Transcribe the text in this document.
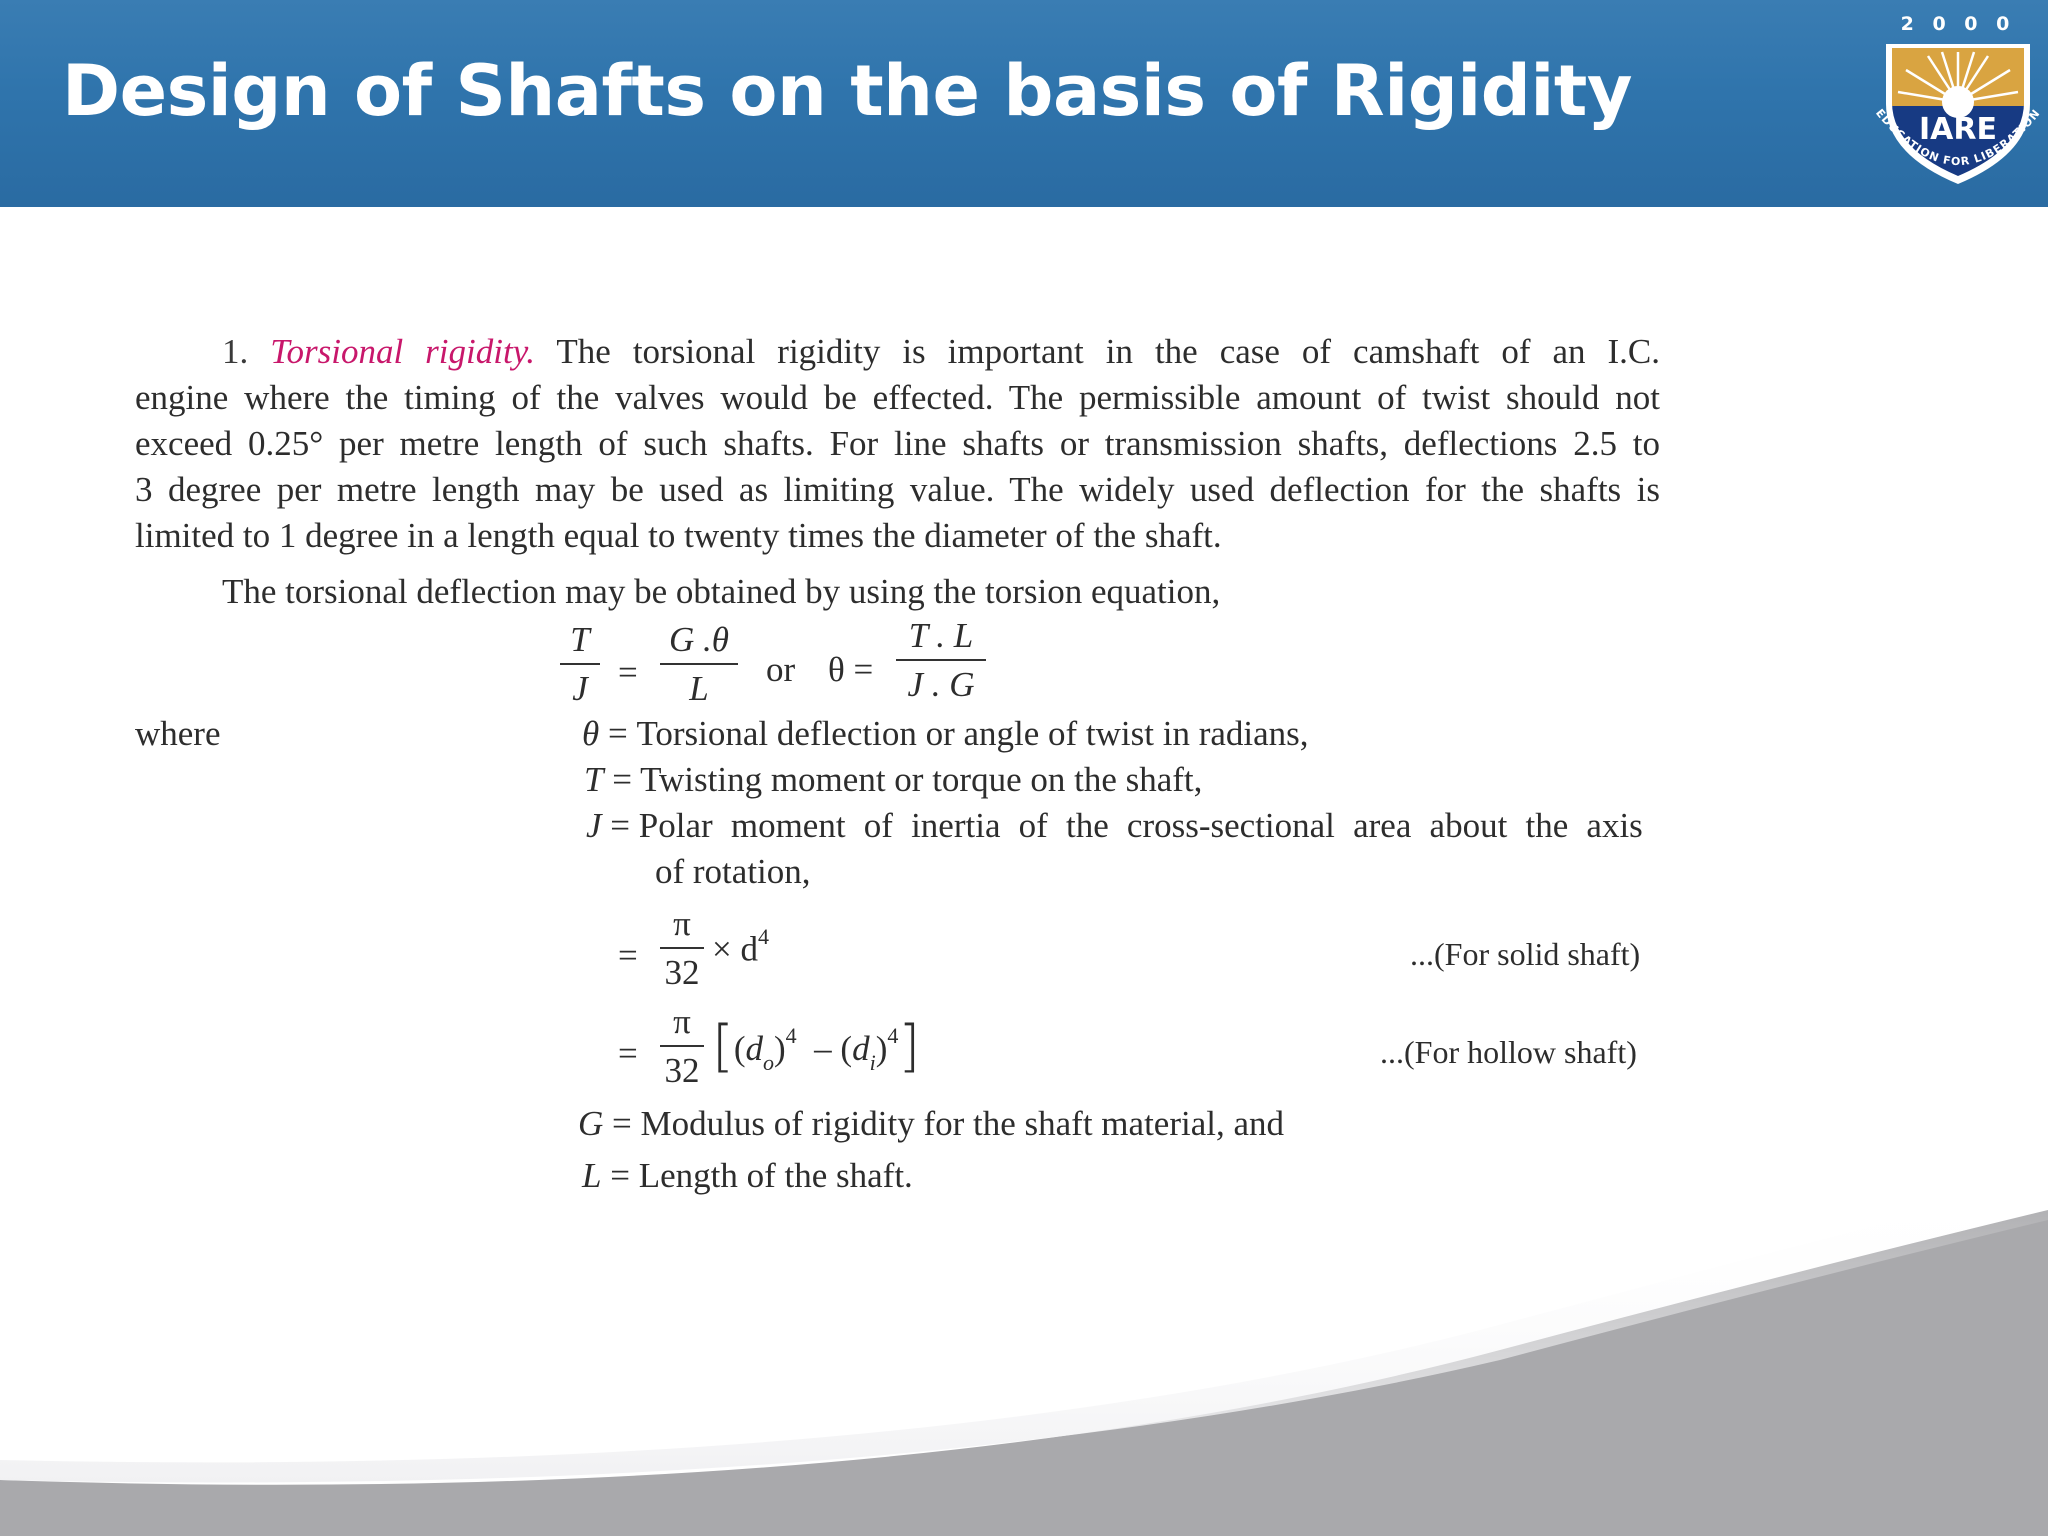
Design of Shafts on the basis of Rigidity
2 0 0 0
IARE
EDUCATION FOR LIBERATION
1. Torsional rigidity. The torsional rigidity is important in the case of camshaft of an I.C.
engine where the timing of the valves would be effected. The permissible amount of twist should not
exceed 0.25° per metre length of such shafts. For line shafts or transmission shafts, deflections 2.5 to
3 degree per metre length may be used as limiting value. The widely used deflection for the shafts is
limited to 1 degree in a length equal to twenty times the diameter of the shaft.
The torsional deflection may be obtained by using the torsion equation,
T
J =
G .θ
L	or θ =
T . L
J . G
where	θ = Torsional deflection or angle of twist in radians,
T = Twisting moment or torque on the shaft,
J = Polar moment of inertia of the cross-sectional area about the axis
of rotation,
=
π
32
× $d^4$	...(For solid shaft)
=
π
32 $[(d_o)^4 - (d_i)^4]$	...(For hollow shaft)
G = Modulus of rigidity for the shaft material, and
L = Length of the shaft.
